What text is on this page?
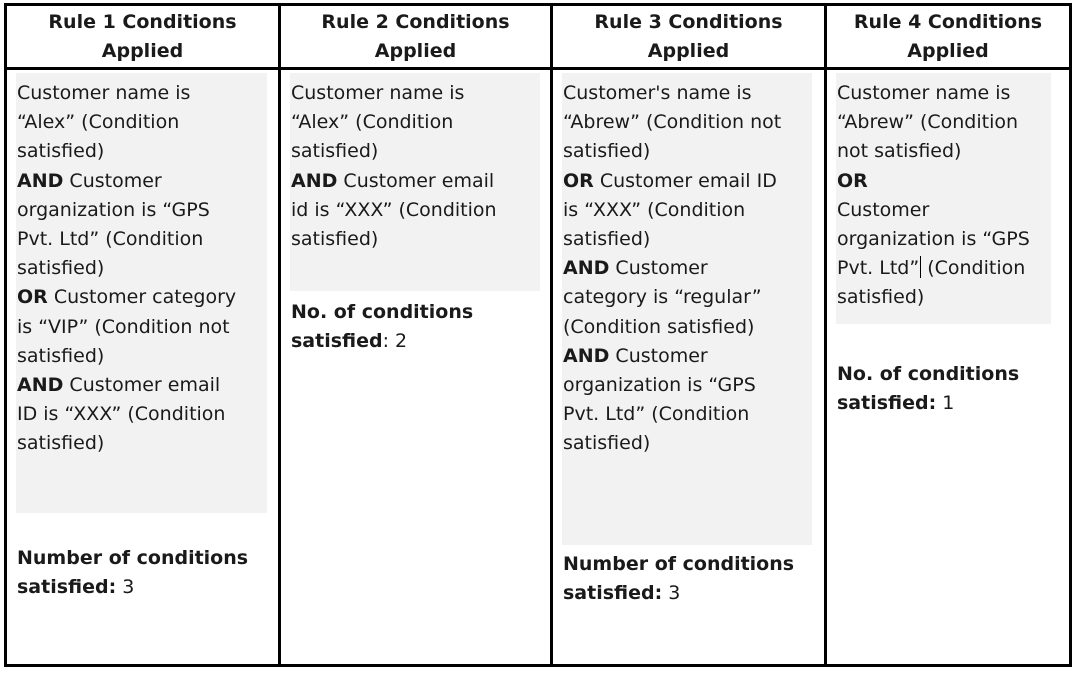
Rule 1 Conditions
Applied
Customer name is
“Alex” (Condition
satisfied)
AND Customer
organization is “GPS
Pvt. Ltd” (Condition
satisfied)
OR Customer category
is “VIP” (Condition not
satisfied)
AND Customer email
ID is “XXX” (Condition
satisfied)
Number of conditions
satisfied: 3
Rule 2 Conditions
Applied
Customer name is
“Alex” (Condition
satisfied)
AND Customer email
id is “XXX” (Condition
satisfied)
No. of conditions
satisfied: 2
Rule 3 Conditions
Applied
Customer's name is
“Abrew” (Condition not
satisfied)
OR Customer email ID
is “XXX” (Condition
satisfied)
AND Customer
category is “regular”
(Condition satisfied)
AND Customer
organization is “GPS
Pvt. Ltd” (Condition
satisfied)
Number of conditions
satisfied: 3
Rule 4 Conditions
Applied
Customer name is
“Abrew” (Condition
not satisfied)
OR
Customer
organization is “GPS
Pvt. Ltd” (Condition
satisfied)
No. of conditions
satisfied: 1
